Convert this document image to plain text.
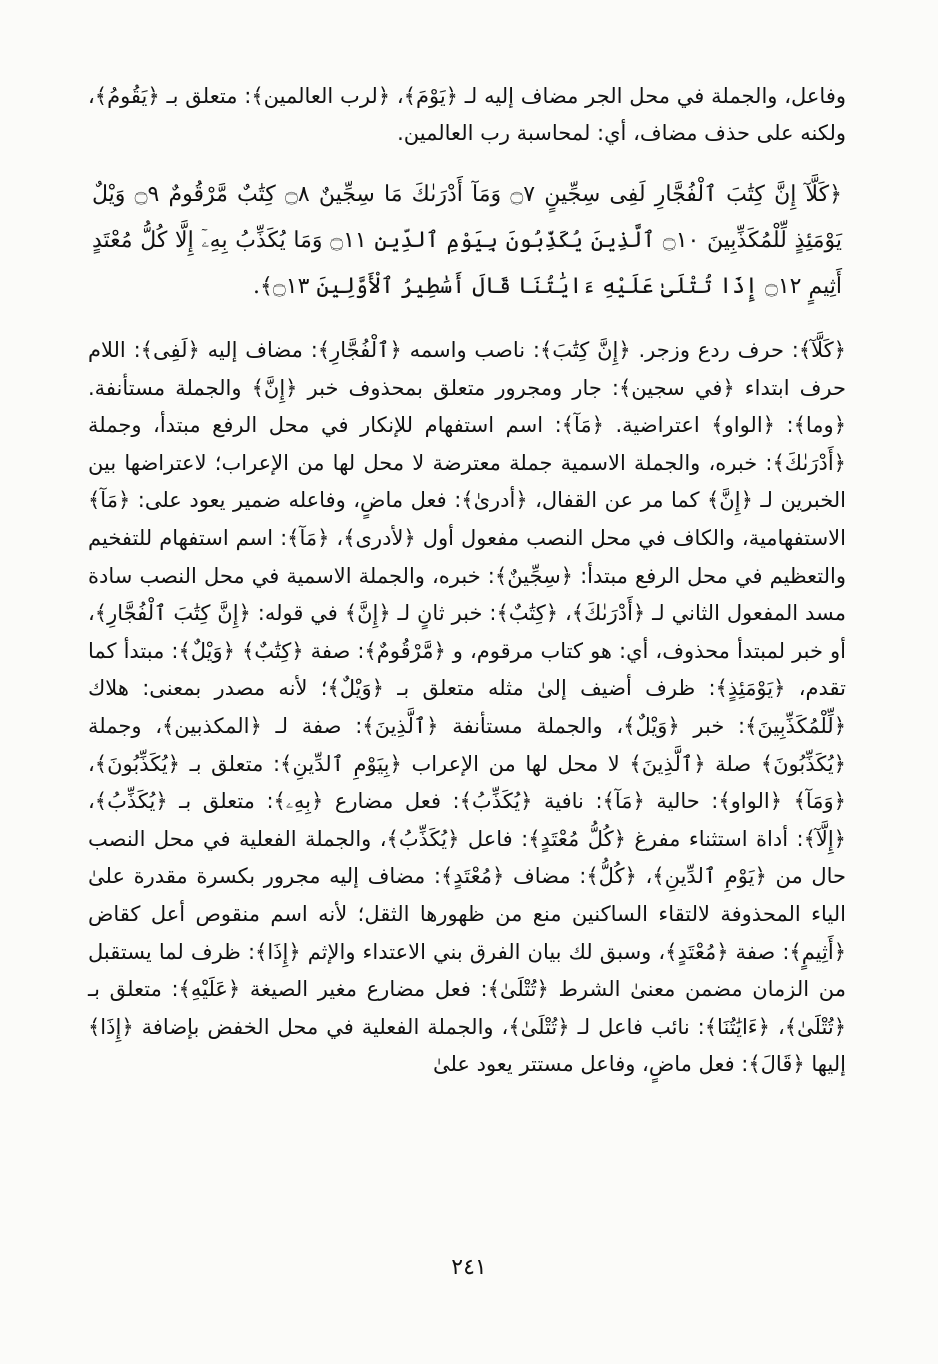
وفاعل، والجملة في محل الجر مضاف إليه لـ ﴿يَوْمَ﴾، ﴿لرب العالمين﴾: متعلق بـ ﴿يَقُومُ﴾، ولكنه على حذف مضاف، أي: لمحاسبة رب العالمين.

﴿كَلَّآ إِنَّ كِتَٰبَ ٱلْفُجَّارِ لَفِى سِجِّينٍ ۝٧ وَمَآ أَدْرَىٰكَ مَا سِجِّينٌ ۝٨ كِتَٰبٌ مَّرْقُومٌ ۝٩ وَيْلٌ يَوْمَئِذٍ لِّلْمُكَذِّبِينَ ۝١٠ ٱلَّذِينَ يُكَذِّبُونَ بِيَوْمِ ٱلدِّينِ ۝١١ وَمَا يُكَذِّبُ بِهِۦٓ إِلَّا كُلُّ مُعْتَدٍ أَثِيمٍ ۝١٢ إِذَا تُتْلَىٰ عَلَيْهِ ءَايَٰتُنَا قَالَ أَسَٰطِيرُ ٱلْأَوَّلِينَ ۝١٣﴾.

﴿كَلَّآ﴾: حرف ردع وزجر. ﴿إِنَّ كِتَٰبَ﴾: ناصب واسمه ﴿ٱلْفُجَّارِ﴾: مضاف إليه ﴿لَفِى﴾: اللام حرف ابتداء ﴿في سجين﴾: جار ومجرور متعلق بمحذوف خبر ﴿إِنَّ﴾ والجملة مستأنفة. ﴿وما﴾: ﴿الواو﴾ اعتراضية. ﴿مَآ﴾: اسم استفهام للإنكار في محل الرفع مبتدأ، وجملة ﴿أَدْرَىٰكَ﴾: خبره، والجملة الاسمية جملة معترضة لا محل لها من الإعراب؛ لاعتراضها بين الخبرين لـ ﴿إِنَّ﴾ كما مر عن القفال، ﴿أدرىٰ﴾: فعل ماضٍ، وفاعله ضمير يعود على: ﴿مَآ﴾ الاستفهامية، والكاف في محل النصب مفعول أول ﴿لأدرى﴾، ﴿مَآ﴾: اسم استفهام للتفخيم والتعظيم في محل الرفع مبتدأ: ﴿سِجِّينٌ﴾: خبره، والجملة الاسمية في محل النصب سادة مسد المفعول الثاني لـ ﴿أَدْرَىٰكَ﴾، ﴿كِتَٰبٌ﴾: خبر ثانٍ لـ ﴿إِنَّ﴾ في قوله: ﴿إِنَّ كِتَٰبَ ٱلْفُجَّارِ﴾، أو خبر لمبتدأ محذوف، أي: هو كتاب مرقوم، و ﴿مَّرْقُومٌ﴾: صفة ﴿كِتَٰبٌ﴾ ﴿وَيْلٌ﴾: مبتدأ كما تقدم، ﴿يَوْمَئِذٍ﴾: ظرف أضيف إلىٰ مثله متعلق بـ ﴿وَيْلٌ﴾؛ لأنه مصدر بمعنى: هلاك ﴿لِّلْمُكَذِّبِينَ﴾: خبر ﴿وَيْلٌ﴾، والجملة مستأنفة ﴿ٱلَّذِينَ﴾: صفة لـ ﴿المكذبين﴾، وجملة ﴿يُكَذِّبُونَ﴾ صلة ﴿ٱلَّذِينَ﴾ لا محل لها من الإعراب ﴿بِيَوْمِ ٱلدِّينِ﴾: متعلق بـ ﴿يُكَذِّبُونَ﴾، ﴿وَمَآ﴾ ﴿الواو﴾: حالية ﴿مَآ﴾: نافية ﴿يُكَذِّبُ﴾: فعل مضارع ﴿بِهِۦ﴾: متعلق بـ ﴿يُكَذِّبُ﴾، ﴿إِلَّآ﴾: أداة استثناء مفرغ ﴿كُلُّ مُعْتَدٍ﴾: فاعل ﴿يُكَذِّبُ﴾، والجملة الفعلية في محل النصب حال من ﴿يَوْمِ ٱلدِّينِ﴾، ﴿كُلُّ﴾: مضاف ﴿مُعْتَدٍ﴾: مضاف إليه مجرور بكسرة مقدرة علىٰ الياء المحذوفة لالتقاء الساكنين منع من ظهورها الثقل؛ لأنه اسم منقوص أعل كقاض ﴿أَثِيمٍ﴾: صفة ﴿مُعْتَدٍ﴾، وسبق لك بيان الفرق بني الاعتداء والإثم ﴿إِذَا﴾: ظرف لما يستقبل من الزمان مضمن معنىٰ الشرط ﴿تُتْلَىٰ﴾: فعل مضارع مغير الصيغة ﴿عَلَيْهِ﴾: متعلق بـ ﴿تُتْلَىٰ﴾، ﴿ءَايَٰتُنَا﴾: نائب فاعل لـ ﴿تُتْلَىٰ﴾، والجملة الفعلية في محل الخفض بإضافة ﴿إِذَا﴾ إليها ﴿قَالَ﴾: فعل ماضٍ، وفاعل مستتر يعود علىٰ

٢٤١
